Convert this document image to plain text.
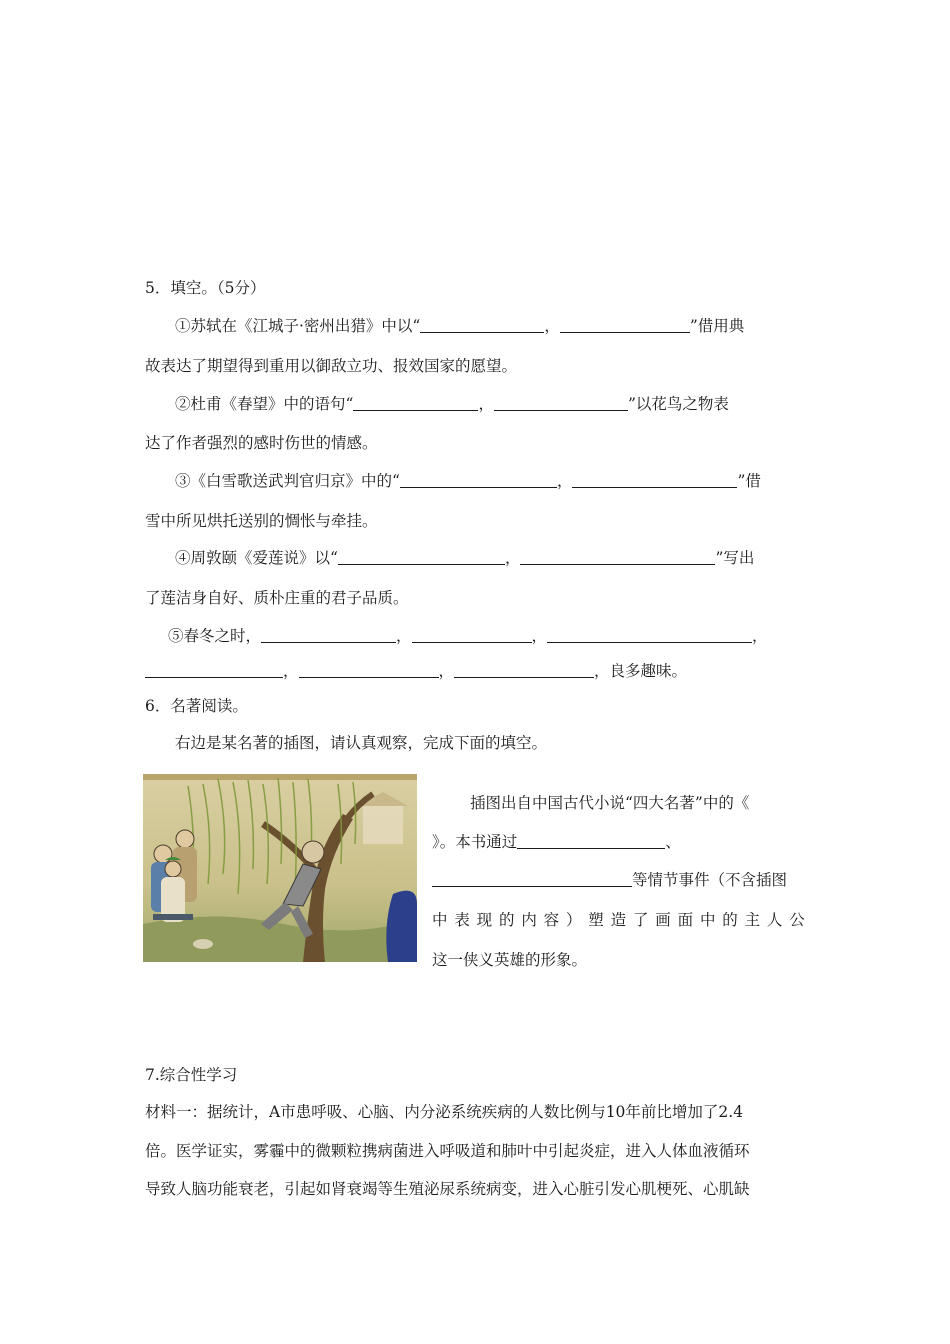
5．填空。（5分）
①苏轼在《江城子·密州出猎》中以“	，	”借用典
故表达了期望得到重用以御敌立功、报效国家的愿望。
②杜甫《春望》中的语句“	，	”以花鸟之物表
达了作者强烈的感时伤世的情感。
③《白雪歌送武判官归京》中的“	，	”借
雪中所见烘托送别的惆怅与牵挂。
④周敦颐《爱莲说》以“	，	”写出
了莲洁身自好、质朴庄重的君子品质。
⑤春冬之时，	，	，	，
，	，	，良多趣味。
6．名著阅读。
右边是某名著的插图，请认真观察，完成下面的填空。
插图出自中国古代小说“四大名著”中的《
》。本书通过	、
等情节事件（不含插图
中 表 现 的 内 容 ） 塑 造 了 画 面 中 的 主 人 公
这一侠义英雄的形象。
7.综合性学习
材料一：据统计，A市患呼吸、心脑、内分泌系统疾病的人数比例与10年前比增加了2.4
倍。医学证实，雾霾中的微颗粒携病菌进入呼吸道和肺叶中引起炎症，进入人体血液循环
导致人脑功能衰老，引起如肾衰竭等生殖泌尿系统病变，进入心脏引发心肌梗死、心肌缺
